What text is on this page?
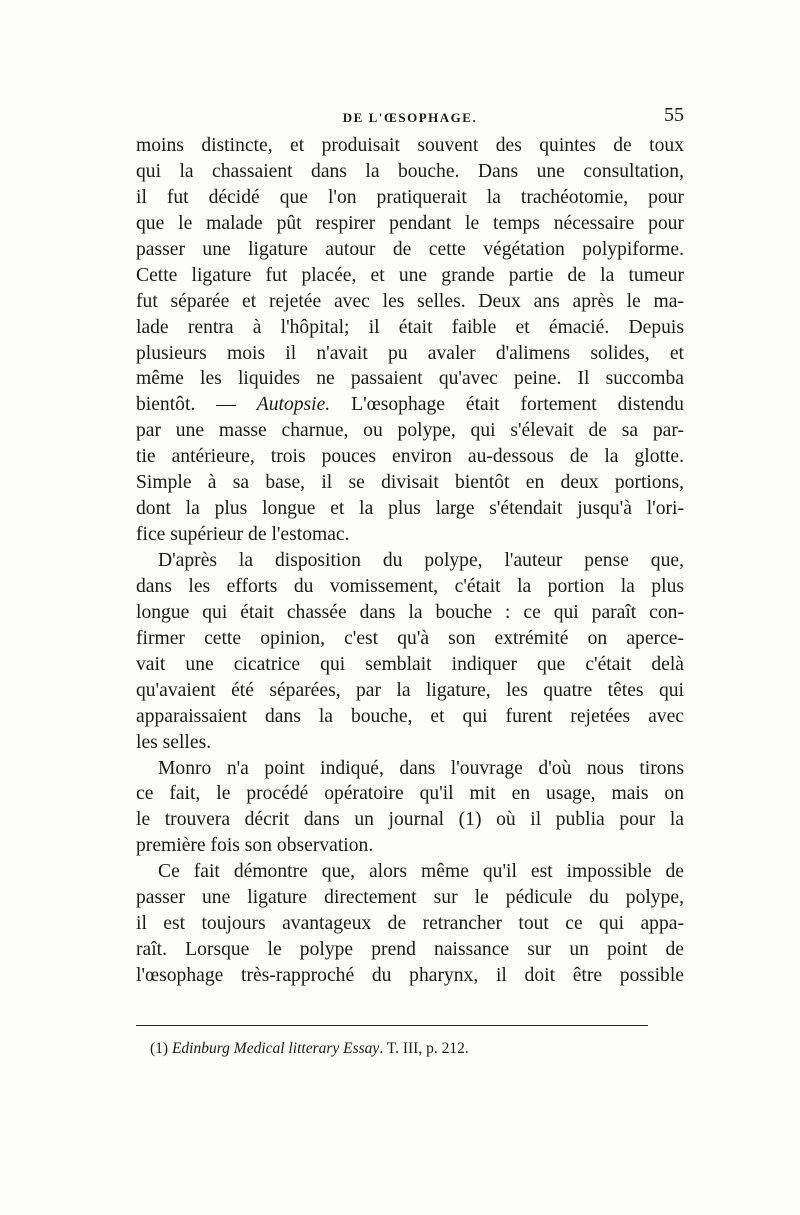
DE L'ŒSOPHAGE.	55
moins distincte, et produisait souvent des quintes de toux
qui la chassaient dans la bouche. Dans une consultation,
il fut décidé que l'on pratiquerait la trachéotomie, pour
que le malade pût respirer pendant le temps nécessaire pour
passer une ligature autour de cette végétation polypiforme.
Cette ligature fut placée, et une grande partie de la tumeur
fut séparée et rejetée avec les selles. Deux ans après le ma-
lade rentra à l'hôpital; il était faible et émacié. Depuis
plusieurs mois il n'avait pu avaler d'alimens solides, et
même les liquides ne passaient qu'avec peine. Il succomba
bientôt. — Autopsie. L'œsophage était fortement distendu
par une masse charnue, ou polype, qui s'élevait de sa par-
tie antérieure, trois pouces environ au-dessous de la glotte.
Simple à sa base, il se divisait bientôt en deux portions,
dont la plus longue et la plus large s'étendait jusqu'à l'ori-
fice supérieur de l'estomac.
D'après la disposition du polype, l'auteur pense que,
dans les efforts du vomissement, c'était la portion la plus
longue qui était chassée dans la bouche : ce qui paraît con-
firmer cette opinion, c'est qu'à son extrémité on aperce-
vait une cicatrice qui semblait indiquer que c'était delà
qu'avaient été séparées, par la ligature, les quatre têtes qui
apparaissaient dans la bouche, et qui furent rejetées avec
les selles.
Monro n'a point indiqué, dans l'ouvrage d'où nous tirons
ce fait, le procédé opératoire qu'il mit en usage, mais on
le trouvera décrit dans un journal (1) où il publia pour la
première fois son observation.
Ce fait démontre que, alors même qu'il est impossible de
passer une ligature directement sur le pédicule du polype,
il est toujours avantageux de retrancher tout ce qui appa-
raît. Lorsque le polype prend naissance sur un point de
l'œsophage très-rapproché du pharynx, il doit être possible
(1) Edinburg Medical litterary Essay. T. III, p. 212.
